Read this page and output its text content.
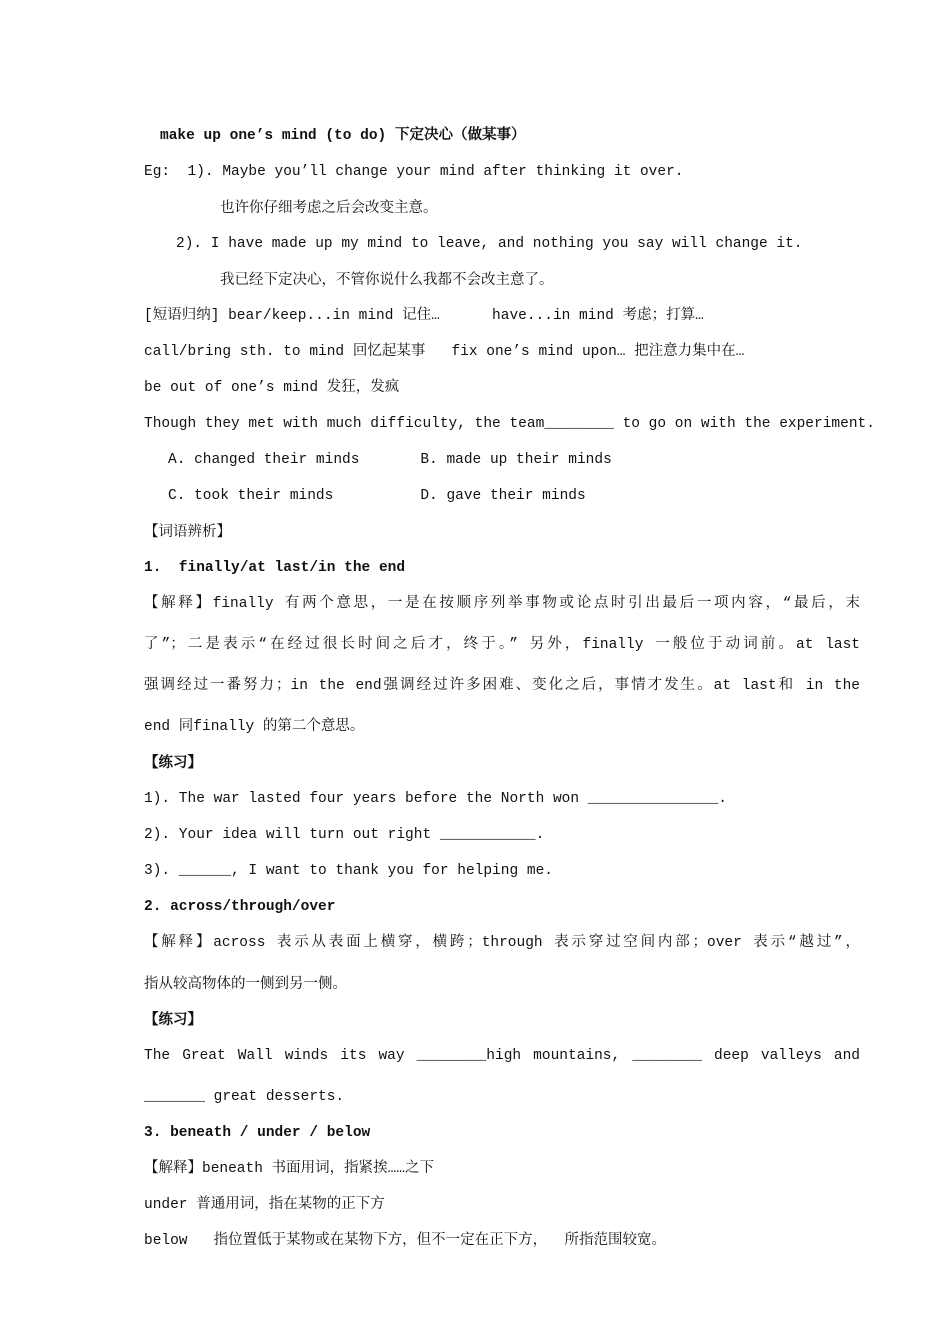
make up one’s mind (to do) 下定决心（做某事）
Eg:  1). Maybe you’ll change your mind after thinking it over.
也许你仔细考虑之后会改变主意。
2). I have made up my mind to leave, and nothing you say will change it.
我已经下定决心，不管你说什么我都不会改主意了。
[短语归纳] bear/keep...in mind 记住…      have...in mind 考虑；打算…
call/bring sth. to mind 回忆起某事   fix one’s mind upon… 把注意力集中在…
be out of one’s mind 发狂，发疯
Though they met with much difficulty, the team________ to go on with the experiment.
A. changed their minds       B. made up their minds
C. took their minds          D. gave their minds
【词语辨析】
1.  finally/at last/in the end
【解释】finally 有两个意思，一是在按顺序列举事物或论点时引出最后一项内容，“最后，末
了”；二是表示“在经过很长时间之后才，终于。” 另外，finally 一般位于动词前。at last
强调经过一番努力；in the end强调经过许多困难、变化之后，事情才发生。at last和 in the
end 同finally 的第二个意思。
【练习】
1). The war lasted four years before the North won _______________.
2). Your idea will turn out right ___________.
3). ______, I want to thank you for helping me.
2. across/through/over
【解释】across 表示从表面上横穿，横跨；through 表示穿过空间内部；over 表示“越过”，
指从较高物体的一侧到另一侧。
【练习】
The Great Wall winds its way ________high mountains, ________ deep valleys and
_______ great desserts.
3. beneath / under / below
【解释】beneath 书面用词，指紧挨……之下
under 普通用词，指在某物的正下方
below   指位置低于某物或在某物下方，但不一定在正下方，  所指范围较宽。
